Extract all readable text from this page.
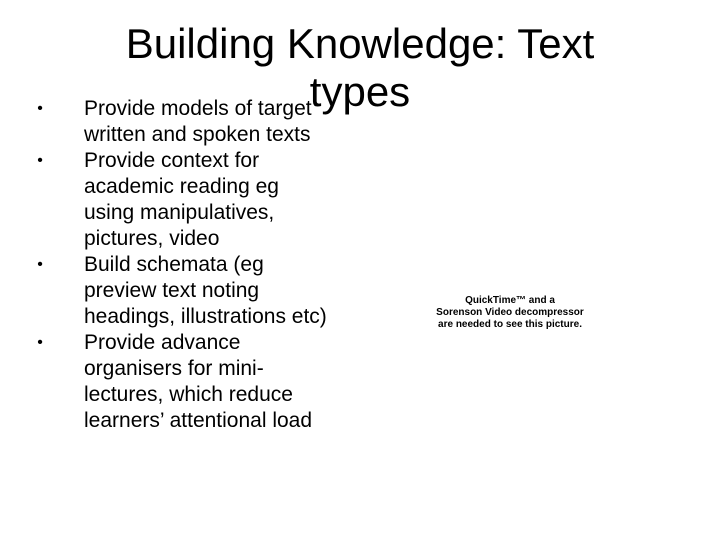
Building Knowledge: Text types
•	Provide models of target written and spoken texts
•	Provide context for academic reading eg using manipulatives, pictures, video
•	Build schemata (eg preview text noting headings, illustrations etc)
•	Provide advance organisers for mini-lectures, which reduce learners’ attentional load
QuickTime™ and a
Sorenson Video decompressor
are needed to see this picture.
